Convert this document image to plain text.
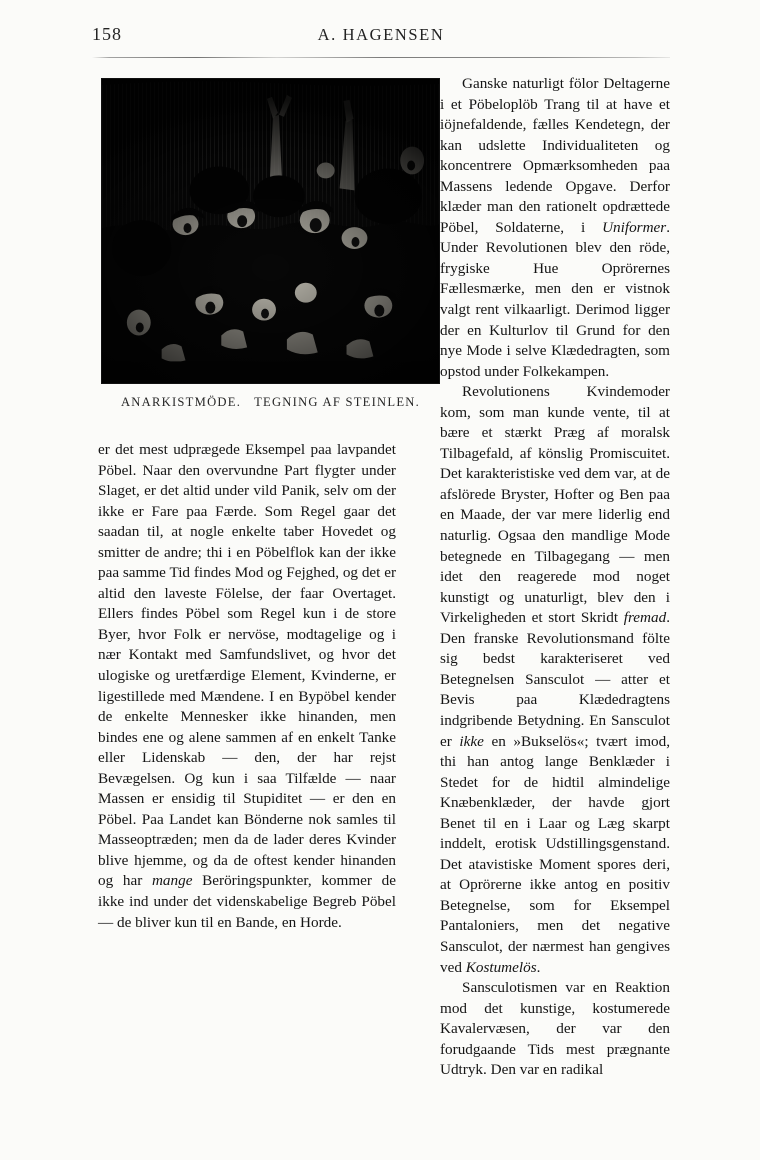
158	A. HAGENSEN
ANARKISTMÖDE.   TEGNING AF STEINLEN.

er det mest udprægede Eksempel paa lavpandet Pöbel. Naar den overvundne Part flygter under Slaget, er det altid under vild Panik, selv om der ikke er Fare paa Færde. Som Regel gaar det saadan til, at nogle enkelte taber Hovedet og smitter de andre; thi i en Pöbelflok kan der ikke paa samme Tid findes Mod og Fejghed, og det er altid den laveste Fölelse, der faar Overtaget. Ellers findes Pöbel som Regel kun i de store Byer, hvor Folk er nervöse, modtagelige og i nær Kontakt med Samfundslivet, og hvor det ulogiske og uretfærdige Element, Kvinderne, er ligestillede med Mændene. I en Bypöbel kender de enkelte Mennesker ikke hinanden, men bindes ene og alene sammen af en enkelt Tanke eller Lidenskab — den, der har rejst Bevægelsen. Og kun i saa Tilfælde — naar Massen er ensidig til Stupiditet — er den en Pöbel. Paa Landet kan Bönderne nok samles til Masseoptræden; men da de lader deres Kvinder blive hjemme, og da de oftest kender hinanden og har mange Beröringspunkter, kommer de ikke ind under det videnskabelige Begreb Pöbel — de bliver kun til en Bande, en Horde.

Ganske naturligt fölor Deltagerne i et Pöbeloplöb Trang til at have et iöjnefaldende, fælles Kendetegn, der kan udslette Individualiteten og koncentrere Opmærksomheden paa Massens ledende Opgave. Derfor klæder man den rationelt opdrættede Pöbel, Soldaterne, i Uniformer. Under Revolutionen blev den röde, frygiske Hue Oprörernes Fællesmærke, men den er vistnok valgt rent vilkaarligt. Derimod ligger der en Kulturlov til Grund for den nye Mode i selve Klædedragten, som opstod under Folkekampen.

Revolutionens Kvindemoder kom, som man kunde vente, til at bære et stærkt Præg af moralsk Tilbagefald, af könslig Promiscuitet. Det karakteristiske ved dem var, at de afslörede Bryster, Hofter og Ben paa en Maade, der var mere liderlig end naturlig. Ogsaa den mandlige Mode betegnede en Tilbagegang — men idet den reagerede mod noget kunstigt og unaturligt, blev den i Virkeligheden et stort Skridt fremad. Den franske Revolutionsmand fölte sig bedst karakteriseret ved Betegnelsen Sansculot — atter et Bevis paa Klædedragtens indgribende Betydning. En Sansculot er ikke en »Bukselös«; tvært imod, thi han antog lange Benklæder i Stedet for de hidtil almindelige Knæbenklæder, der havde gjort Benet til en i Laar og Læg skarpt inddelt, erotisk Udstillingsgenstand. Det atavistiske Moment spores deri, at Oprörerne ikke antog en positiv Betegnelse, som for Eksempel Pantaloniers, men det negative Sansculot, der nærmest han gengives ved Kostumelös.

Sansculotismen var en Reaktion mod det kunstige, kostumerede Kavalervæsen, der var den forudgaande Tids mest prægnante Udtryk. Den var en radikal
